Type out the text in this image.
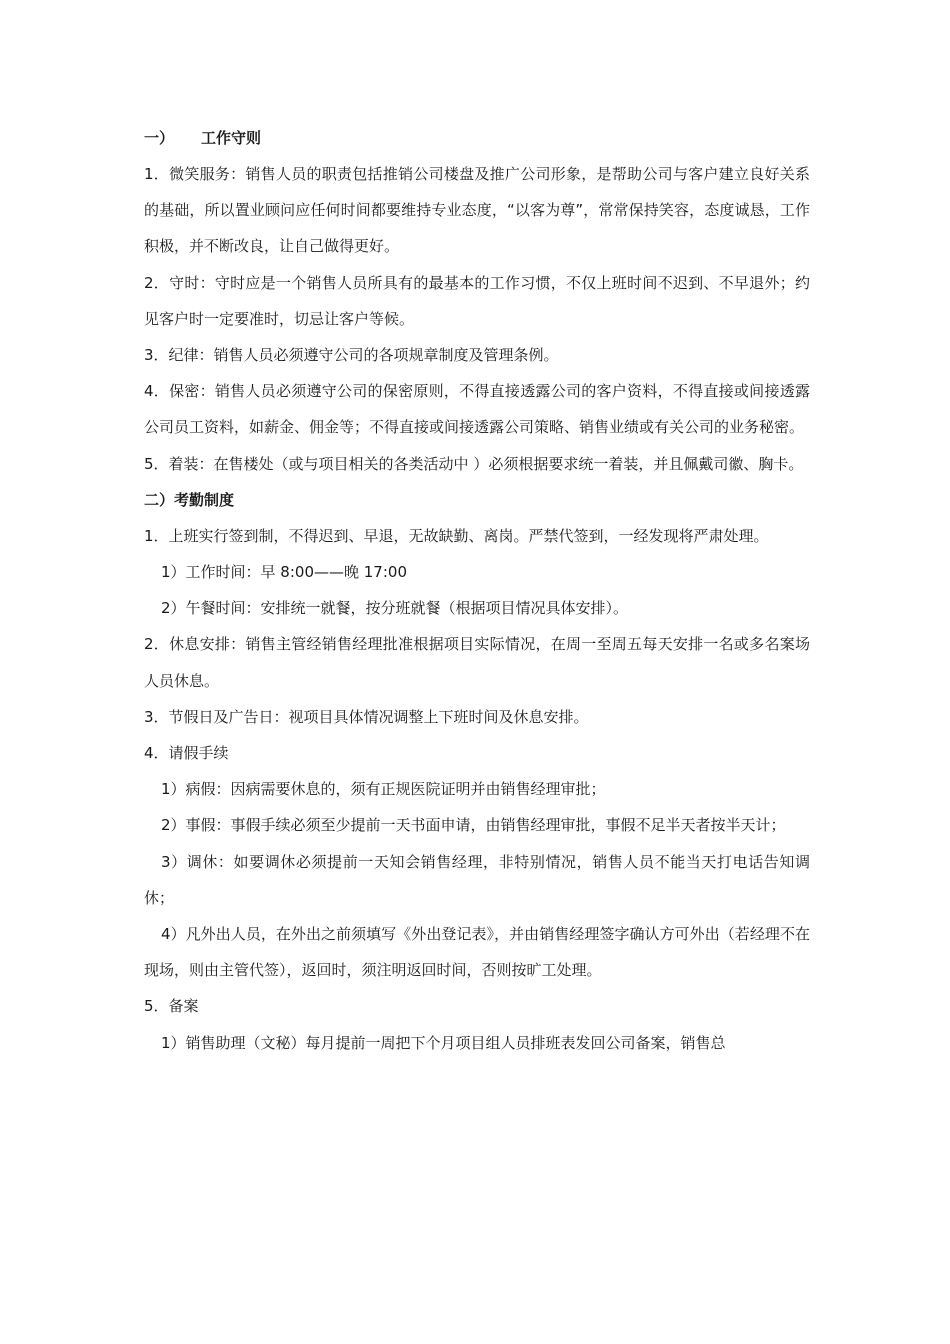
一） 工作守则

1．微笑服务：销售人员的职责包括推销公司楼盘及推广公司形象，是帮助公司与客户建立良好关系的基础，所以置业顾问应任何时间都要维持专业态度，“以客为尊”，常常保持笑容，态度诚恳，工作积极，并不断改良，让自己做得更好。

2．守时：守时应是一个销售人员所具有的最基本的工作习惯，不仅上班时间不迟到、不早退外；约见客户时一定要准时，切忌让客户等候。

3．纪律：销售人员必须遵守公司的各项规章制度及管理条例。

4．保密：销售人员必须遵守公司的保密原则，不得直接透露公司的客户资料，不得直接或间接透露公司员工资料，如薪金、佣金等；不得直接或间接透露公司策略、销售业绩或有关公司的业务秘密。

5．着装：在售楼处（或与项目相关的各类活动中 ）必须根据要求统一着装，并且佩戴司徽、胸卡。

二）考勤制度

1．上班实行签到制，不得迟到、早退，无故缺勤、离岗。严禁代签到，一经发现将严肃处理。

1）工作时间：早 8:00——晚 17:00

2）午餐时间：安排统一就餐，按分班就餐（根据项目情况具体安排）。

2．休息安排：销售主管经销售经理批准根据项目实际情况，在周一至周五每天安排一名或多名案场人员休息。

3．节假日及广告日：视项目具体情况调整上下班时间及休息安排。

4．请假手续

1）病假：因病需要休息的，须有正规医院证明并由销售经理审批；

2）事假：事假手续必须至少提前一天书面申请，由销售经理审批，事假不足半天者按半天计；

3）调休：如要调休必须提前一天知会销售经理，非特别情况，销售人员不能当天打电话告知调休；

4）凡外出人员，在外出之前须填写《外出登记表》，并由销售经理签字确认方可外出（若经理不在现场，则由主管代签），返回时，须注明返回时间，否则按旷工处理。

5．备案

1）销售助理（文秘）每月提前一周把下个月项目组人员排班表发回公司备案，销售总
